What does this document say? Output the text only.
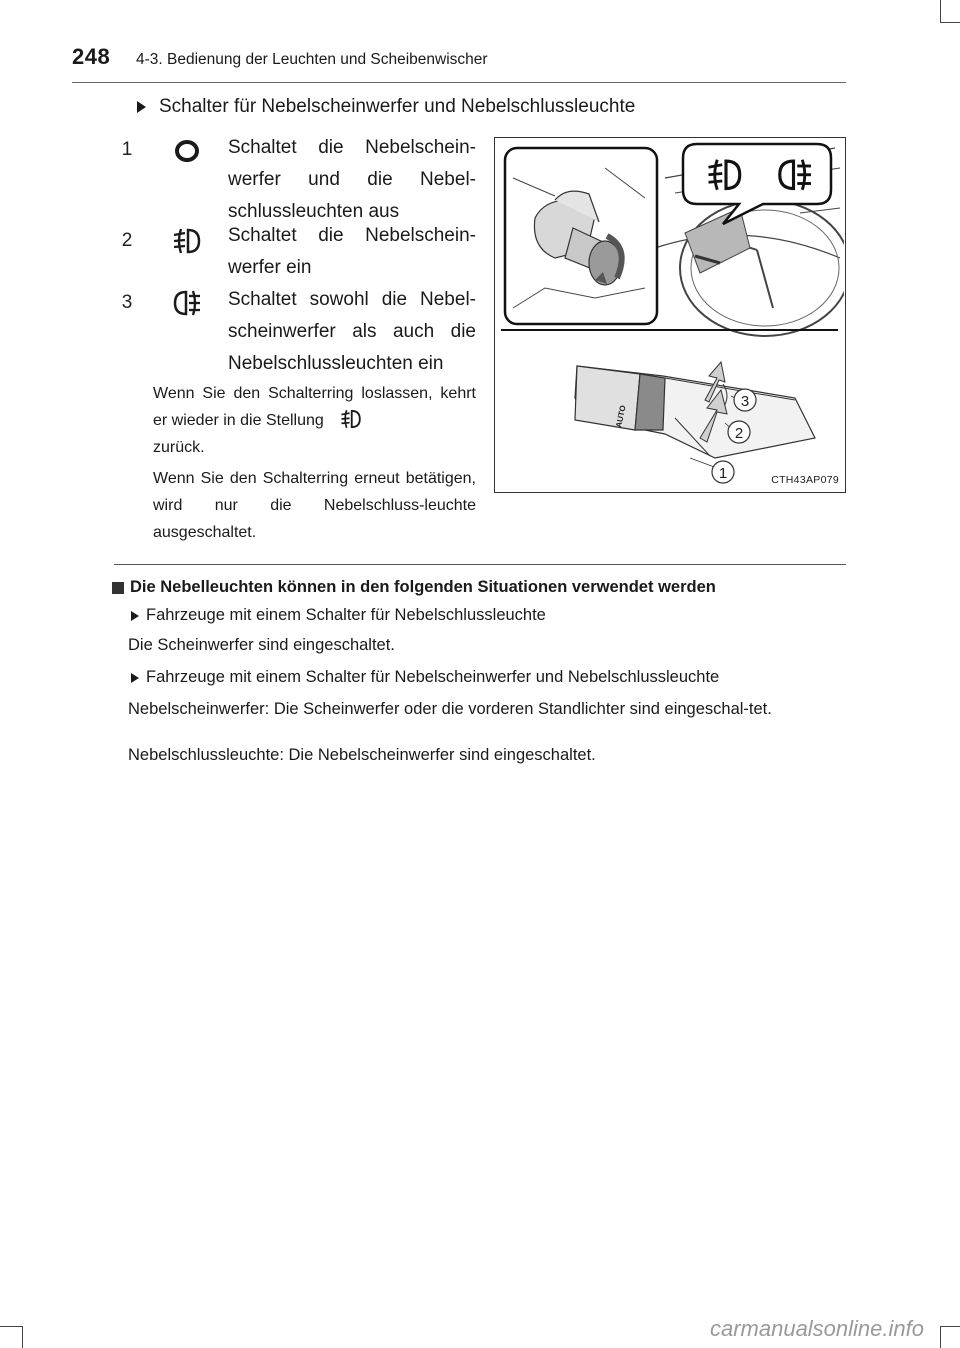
248 4-3. Bedienung der Leuchten und Scheibenwischer
Schalter für Nebelscheinwerfer und Nebelschlussleuchte
1	Schaltet die Nebelschein-werfer und die Nebel-schlussleuchten aus
2	Schaltet die Nebelschein-werfer ein
3	Schaltet sowohl die Nebel-scheinwerfer als auch die Nebelschlussleuchten ein
Wenn Sie den Schalterring loslassen, kehrt er wieder in die Stellung
zurück.
Wenn Sie den Schalterring erneut betätigen, wird nur die Nebelschluss-leuchte ausgeschaltet.
AUTO
3
2
1	CTH43AP079
Die Nebelleuchten können in den folgenden Situationen verwendet werden
Fahrzeuge mit einem Schalter für Nebelschlussleuchte
Die Scheinwerfer sind eingeschaltet.
Fahrzeuge mit einem Schalter für Nebelscheinwerfer und Nebelschlussleuchte
Nebelscheinwerfer: Die Scheinwerfer oder die vorderen Standlichter sind eingeschal-tet.
Nebelschlussleuchte: Die Nebelscheinwerfer sind eingeschaltet.
carmanualsonline.info
